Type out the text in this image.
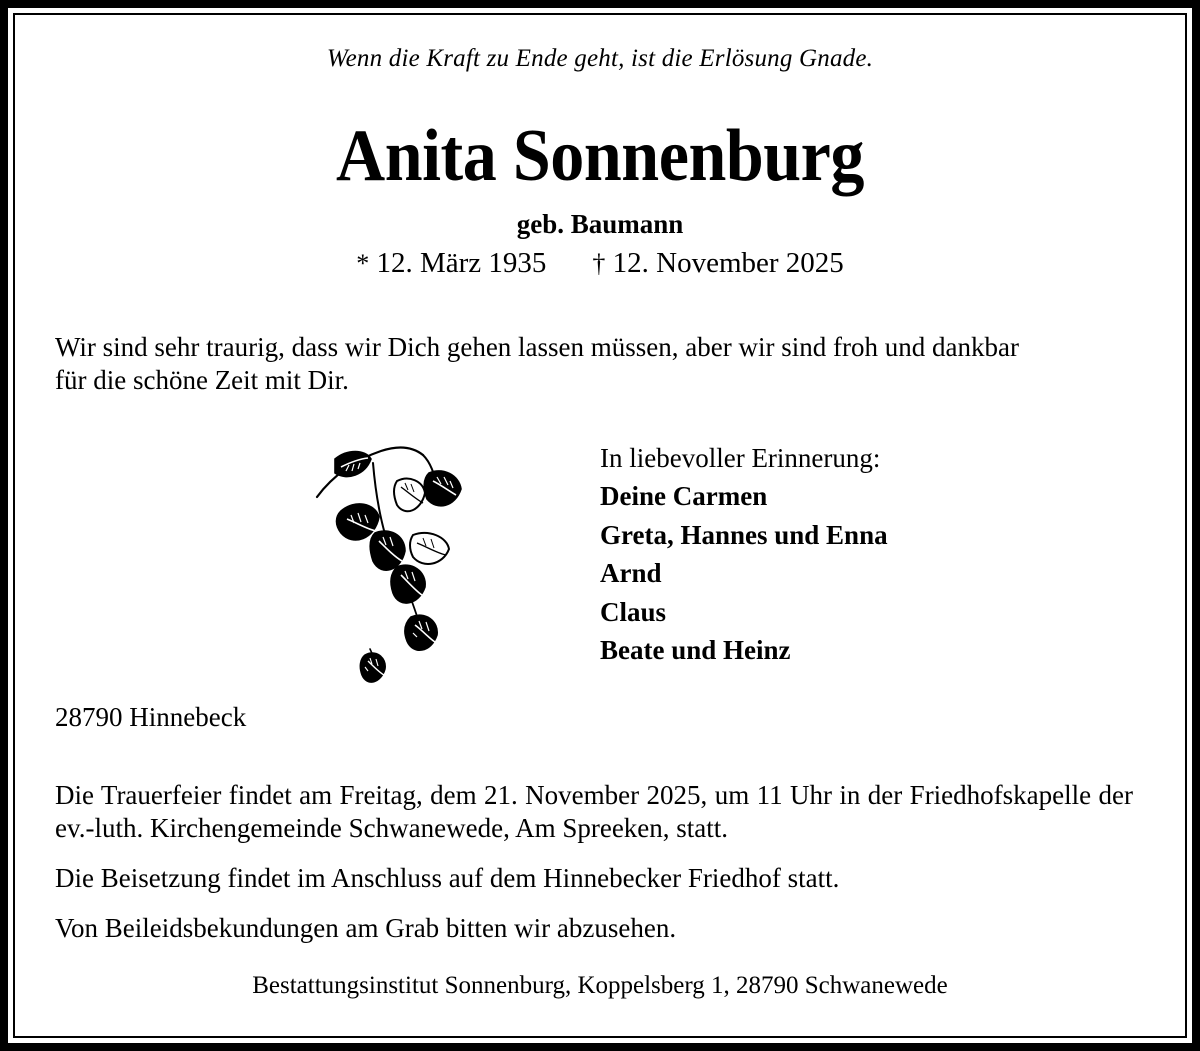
Wenn die Kraft zu Ende geht, ist die Erlösung Gnade.
Anita Sonnenburg
geb. Baumann
* 12. März 1935 † 12. November 2025
Wir sind sehr traurig, dass wir Dich gehen lassen müssen, aber wir sind froh und dankbar
für die schöne Zeit mit Dir.
In liebevoller Erinnerung:
Deine Carmen
Greta, Hannes und Enna
Arnd
Claus
Beate und Heinz
28790 Hinnebeck
Die Trauerfeier findet am Freitag, dem 21. November 2025, um 11 Uhr in der Friedhofskapelle der ev.-luth. Kirchengemeinde Schwanewede, Am Spreeken, statt.
Die Beisetzung findet im Anschluss auf dem Hinnebecker Friedhof statt.
Von Beileidsbekundungen am Grab bitten wir abzusehen.
Bestattungsinstitut Sonnenburg, Koppelsberg 1, 28790 Schwanewede
